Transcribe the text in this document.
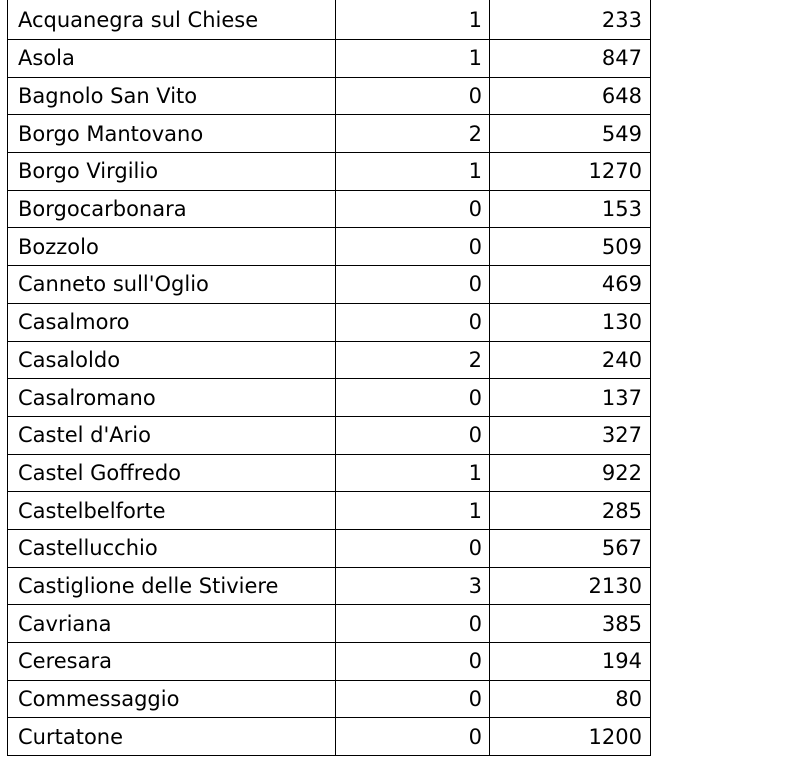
Acquanegra sul Chiese	1	233
Asola	1	847
Bagnolo San Vito	0	648
Borgo Mantovano	2	549
Borgo Virgilio	1	1270
Borgocarbonara	0	153
Bozzolo	0	509
Canneto sull'Oglio	0	469
Casalmoro	0	130
Casaloldo	2	240
Casalromano	0	137
Castel d'Ario	0	327
Castel Goffredo	1	922
Castelbelforte	1	285
Castellucchio	0	567
Castiglione delle Stiviere	3	2130
Cavriana	0	385
Ceresara	0	194
Commessaggio	0	80
Curtatone	0	1200
